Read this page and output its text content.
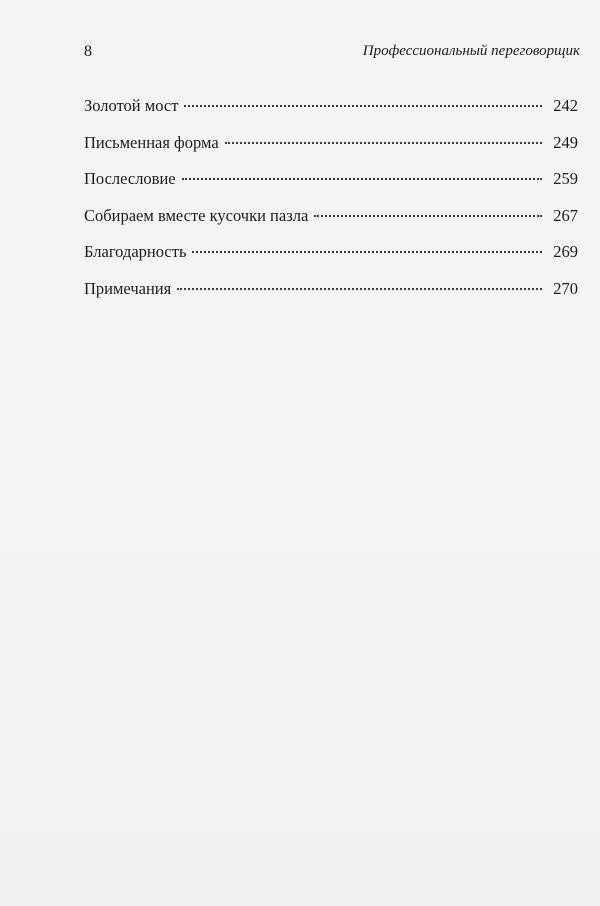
8	Профессиональный переговорщик
Золотой мост	242
Письменная форма	249
Послесловие	259
Собираем вместе кусочки пазла	267
Благодарность	269
Примечания	270
